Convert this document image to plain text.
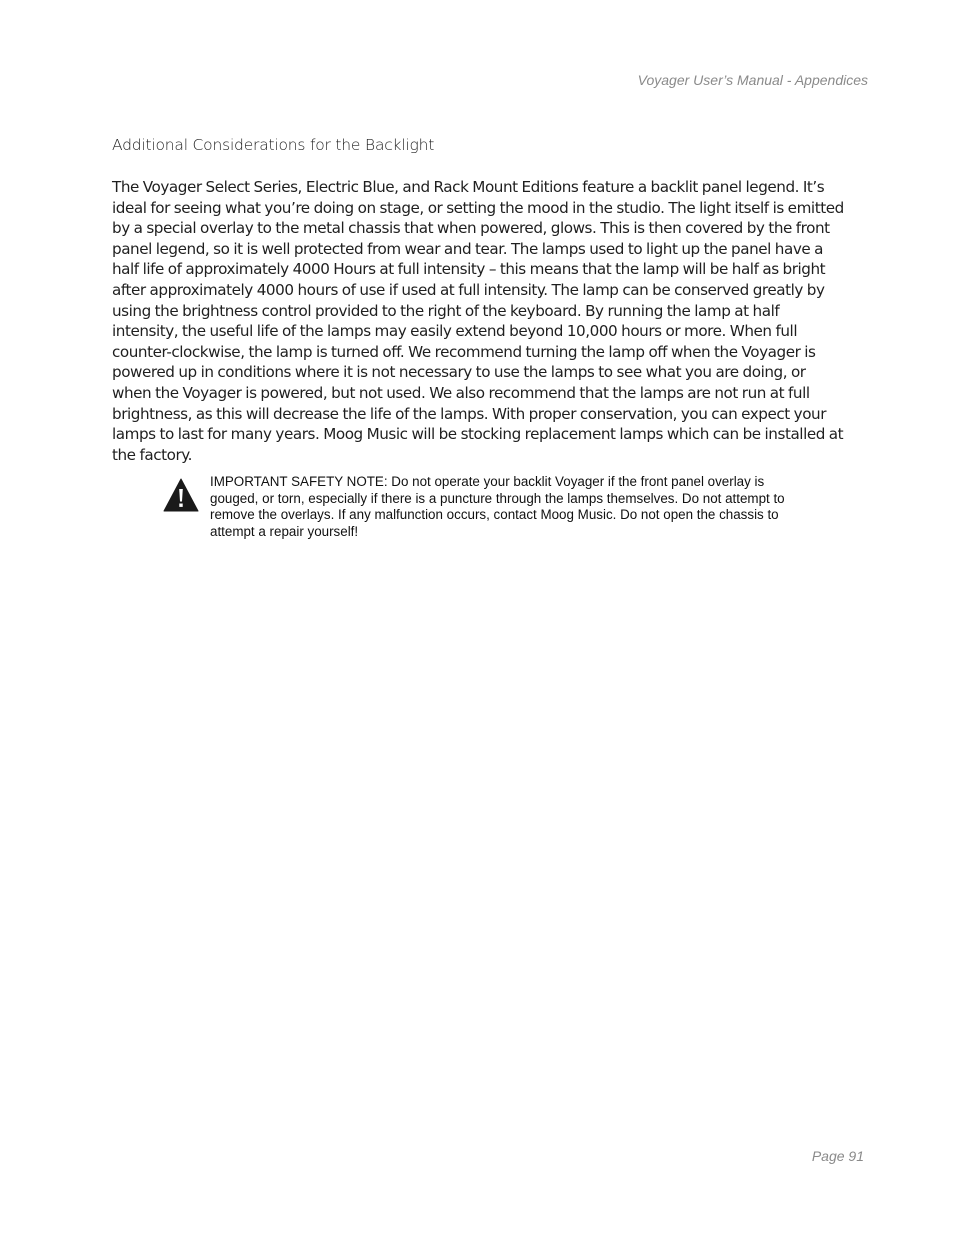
Voyager User’s Manual - Appendices
Additional Considerations for the Backlight

The Voyager Select Series, Electric Blue, and Rack Mount Editions feature a backlit panel legend. It’s ideal for seeing what you’re doing on stage, or setting the mood in the studio. The light itself is emitted by a special overlay to the metal chassis that when powered, glows. This is then covered by the front panel legend, so it is well protected from wear and tear. The lamps used to light up the panel have a half life of approximately 4000 Hours at full intensity – this means that the lamp will be half as bright after approximately 4000 hours of use if used at full intensity. The lamp can be conserved greatly by using the brightness control provided to the right of the keyboard. By running the lamp at half intensity, the useful life of the lamps may easily extend beyond 10,000 hours or more. When full counter-clockwise, the lamp is turned off. We recommend turning the lamp off when the Voyager is powered up in conditions where it is not necessary to use the lamps to see what you are doing, or when the Voyager is powered, but not used. We also recommend that the lamps are not run at full brightness, as this will decrease the life of the lamps. With proper conservation, you can expect your lamps to last for many years. Moog Music will be stocking replacement lamps which can be installed at the factory.

IMPORTANT SAFETY NOTE: Do not operate your backlit Voyager if the front panel overlay is gouged, or torn, especially if there is a puncture through the lamps themselves. Do not attempt to remove the overlays. If any malfunction occurs, contact Moog Music. Do not open the chassis to attempt a repair yourself!
Page 91
